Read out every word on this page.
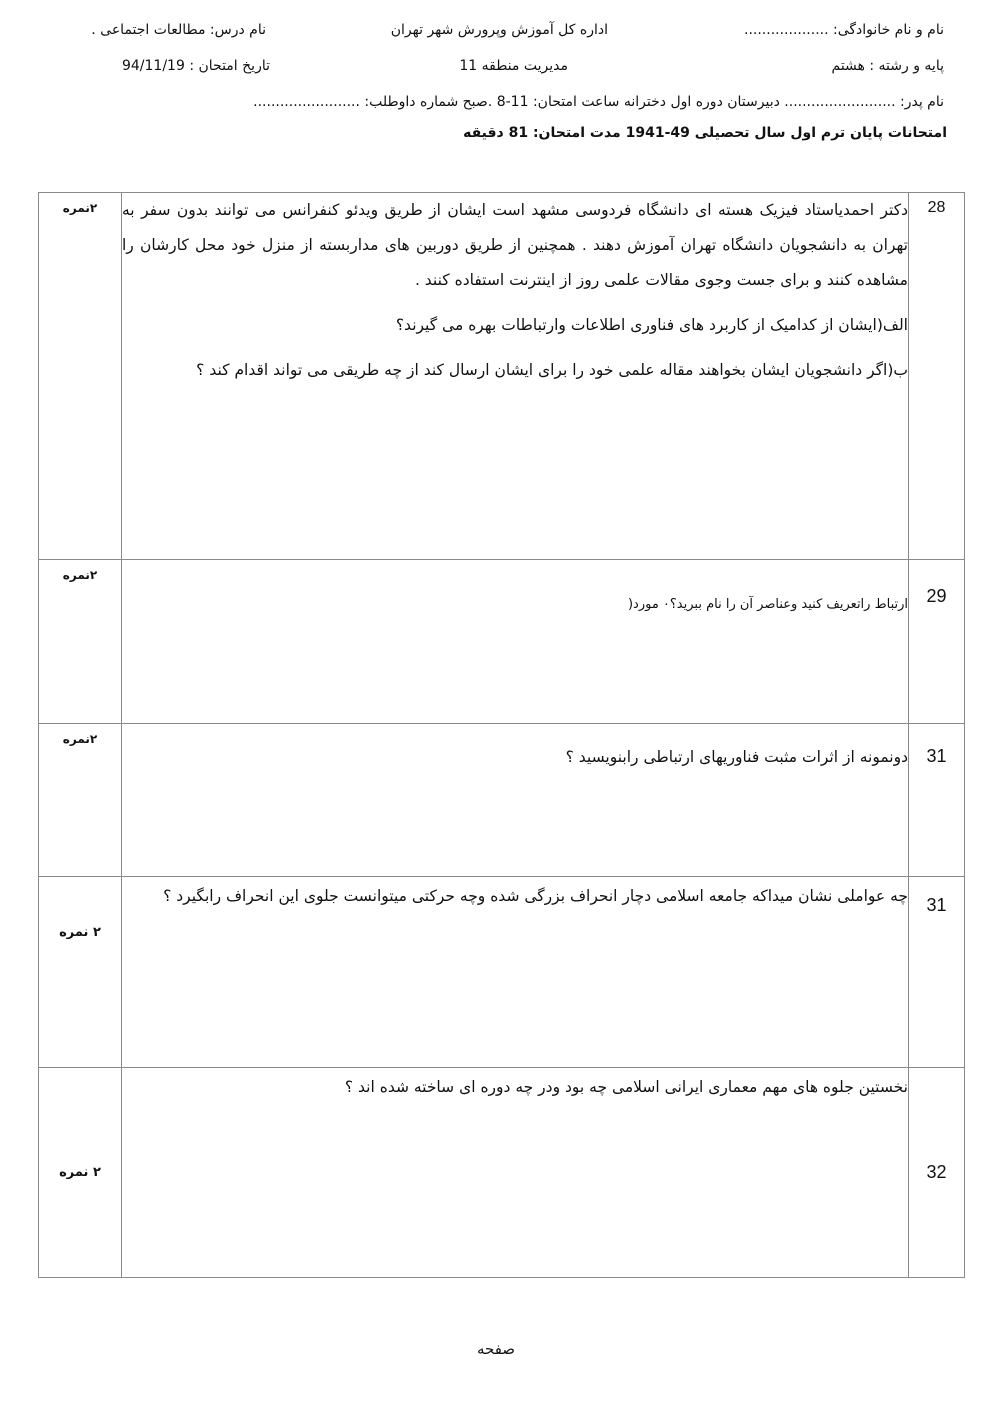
نام و نام خانوادگی: ...................
اداره کل آموزش وپرورش شهر تهران
نام درس: مطالعات اجتماعی .
پایه و رشته : هشتم
مدیریت منطقه 11
تاریخ امتحان : 94/11/19
نام پدر: ......................... دبیرستان دوره اول دخترانه ساعت امتحان: 11-8 .صبح شماره داوطلب: ........................
امتحانات پایان ترم اول سال تحصیلی 49-1941 مدت امتحان: 81 دقیقه
28	دکتر احمدیاستاد فیزیک هسته ای دانشگاه فردوسی مشهد است ایشان از طریق ویدئو کنفرانس می توانند بدون سفر به تهران به دانشجویان دانشگاه تهران آموزش دهند . همچنین از طریق دوربین های مداربسته از منزل خود محل کارشان را مشاهده کنند و برای جست وجوی مقالات علمی روز از اینترنت استفاده کنند .

الف(ایشان از کدامیک از کاربرد های فناوری اطلاعات وارتباطات بهره می گیرند؟

ب(اگر دانشجویان ایشان بخواهند مقاله علمی خود را برای ایشان ارسال کند از چه طریقی می تواند اقدام کند ؟	۲نمره
29	ارتباط راتعریف کنید وعناصر آن را نام ببرید؟۰ مورد(	۲نمره
31	دونمونه از اثرات مثبت فناوریهای ارتباطی رابنویسید ؟	۲نمره
31	چه عواملی نشان میداکه جامعه اسلامی دچار انحراف بزرگی شده وچه حرکتی میتوانست جلوی این انحراف رابگیرد ؟	۲ نمره
32	نخستین جلوه های مهم معماری ایرانی اسلامی چه بود ودر چه دوره ای ساخته شده اند ؟	۲ نمره
صفحه
